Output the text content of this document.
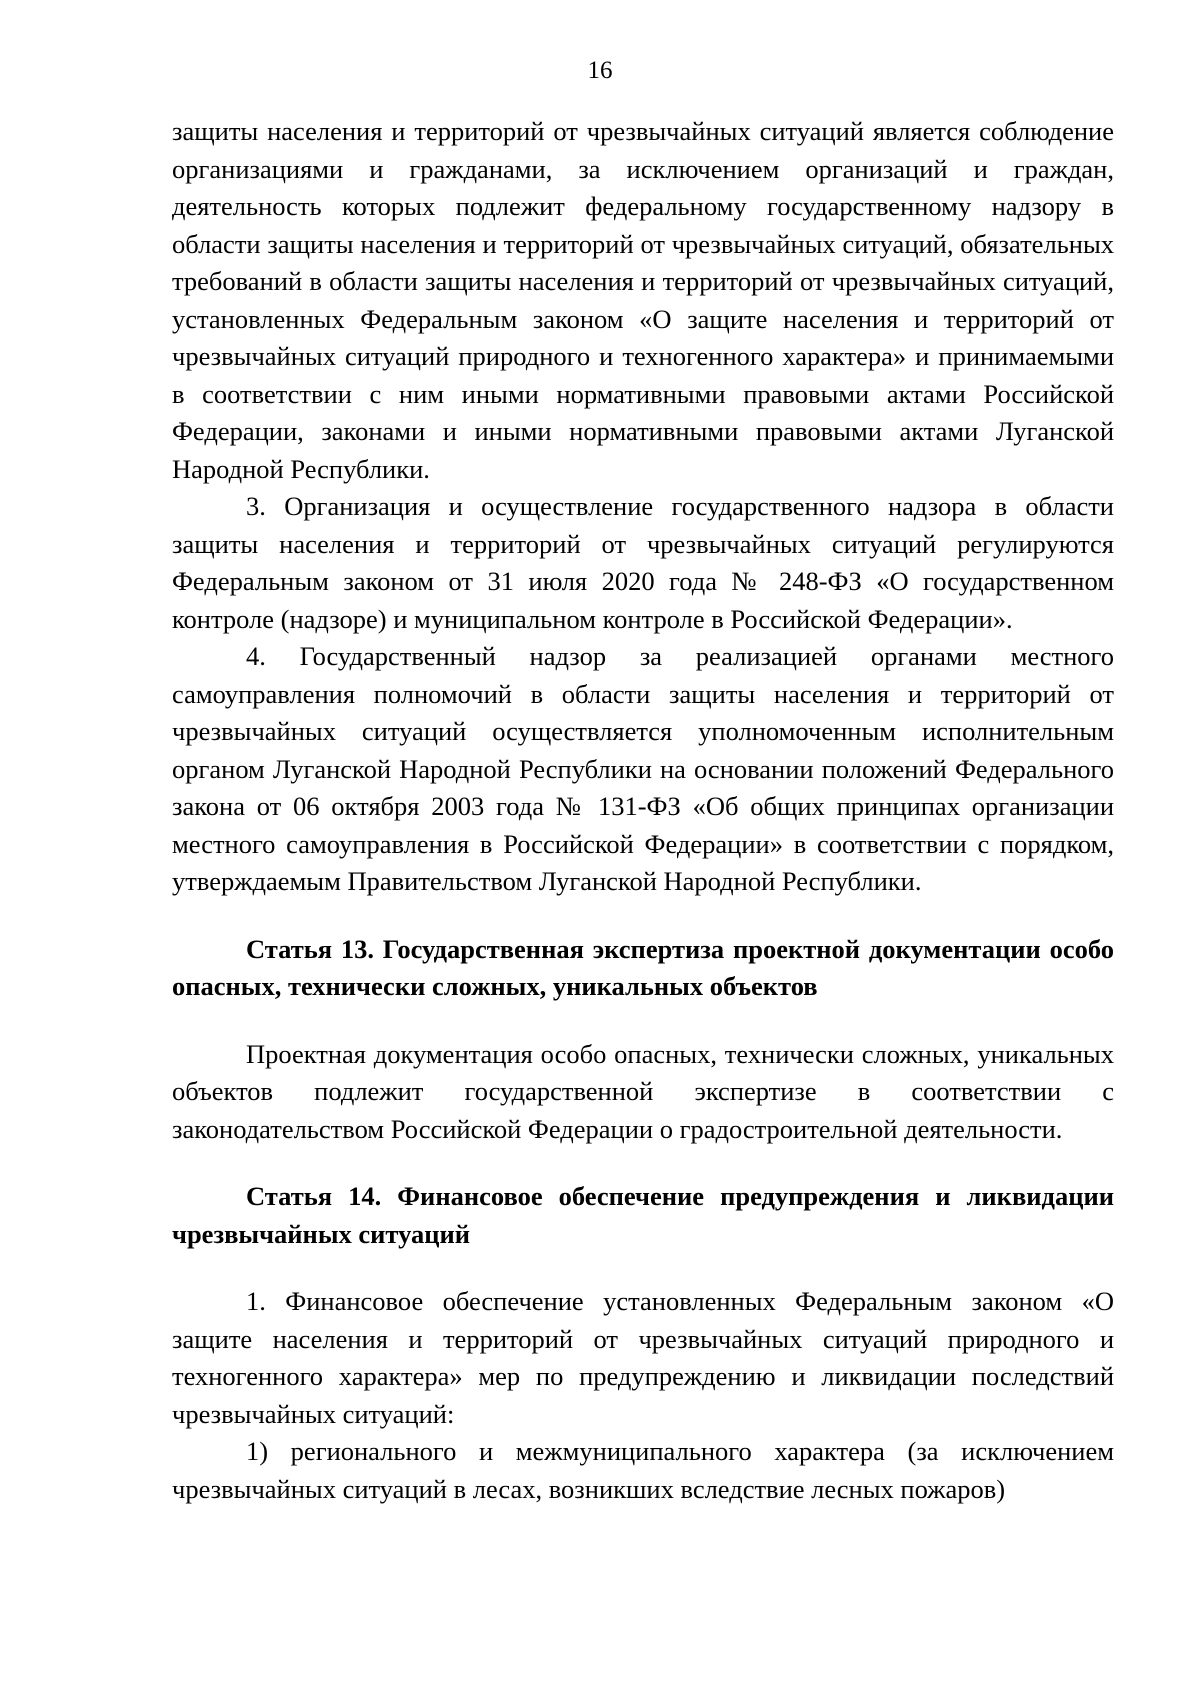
16

защиты населения и территорий от чрезвычайных ситуаций является соблюдение организациями и гражданами, за исключением организаций и граждан, деятельность которых подлежит федеральному государственному надзору в области защиты населения и территорий от чрезвычайных ситуаций, обязательных требований в области защиты населения и территорий от чрезвычайных ситуаций, установленных Федеральным законом «О защите населения и территорий от чрезвычайных ситуаций природного и техногенного характера» и принимаемыми в соответствии с ним иными нормативными правовыми актами Российской Федерации, законами и иными нормативными правовыми актами Луганской Народной Республики.

3. Организация и осуществление государственного надзора в области защиты населения и территорий от чрезвычайных ситуаций регулируются Федеральным законом от 31 июля 2020 года № 248-ФЗ «О государственном контроле (надзоре) и муниципальном контроле в Российской Федерации».

4. Государственный надзор за реализацией органами местного самоуправления полномочий в области защиты населения и территорий от чрезвычайных ситуаций осуществляется уполномоченным исполнительным органом Луганской Народной Республики на основании положений Федерального закона от 06 октября 2003 года № 131-ФЗ «Об общих принципах организации местного самоуправления в Российской Федерации» в соответствии с порядком, утверждаемым Правительством Луганской Народной Республики.

Статья 13. Государственная экспертиза проектной документации особо опасных, технически сложных, уникальных объектов

Проектная документация особо опасных, технически сложных, уникальных объектов подлежит государственной экспертизе в соответствии с законодательством Российской Федерации о градостроительной деятельности.

Статья 14. Финансовое обеспечение предупреждения и ликвидации чрезвычайных ситуаций

1. Финансовое обеспечение установленных Федеральным законом «О защите населения и территорий от чрезвычайных ситуаций природного и техногенного характера» мер по предупреждению и ликвидации последствий чрезвычайных ситуаций:

1) регионального и межмуниципального характера (за исключением чрезвычайных ситуаций в лесах, возникших вследствие лесных пожаров)
